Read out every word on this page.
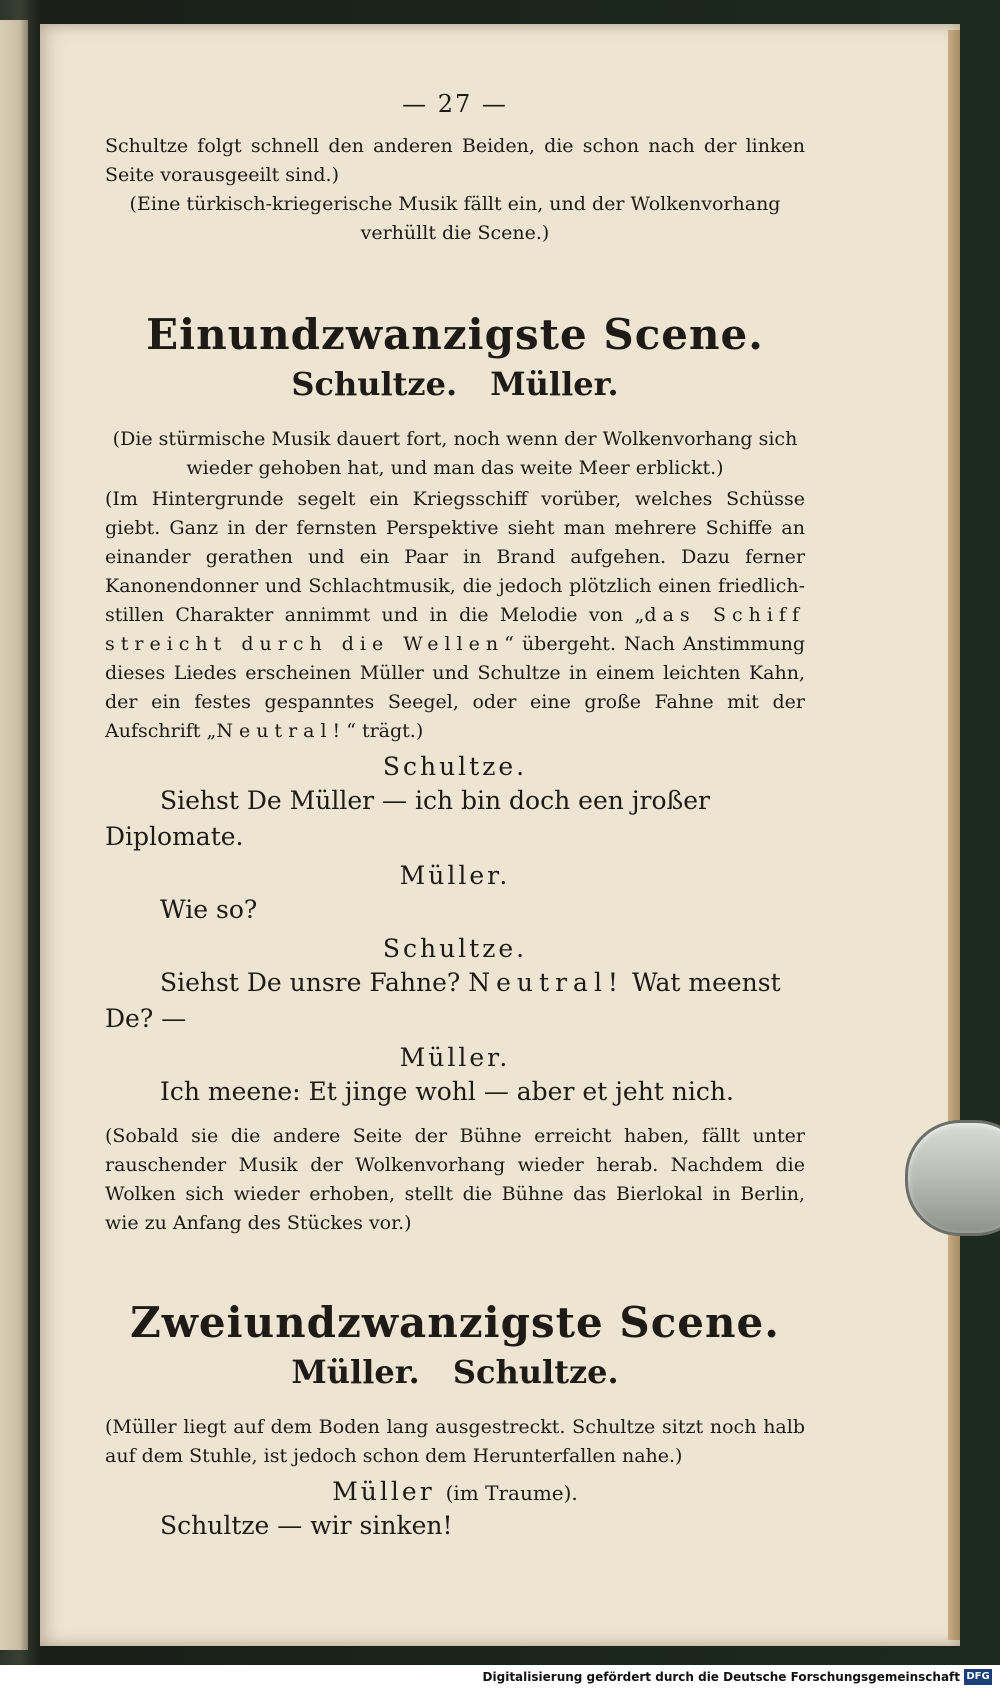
— 27 —

Schultze folgt schnell den anderen Beiden, die schon nach der linken Seite vorausgeeilt sind.)

(Eine türkisch-kriegerische Musik fällt ein, und der Wolkenvorhang verhüllt die Scene.)

Einundzwanzigste Scene.
Schultze. Müller.

(Die stürmische Musik dauert fort, noch wenn der Wolkenvorhang sich wieder gehoben hat, und man das weite Meer erblickt.)

(Im Hintergrunde segelt ein Kriegsschiff vorüber, welches Schüsse giebt. Ganz in der fernsten Perspektive sieht man mehrere Schiffe an einander gerathen und ein Paar in Brand aufgehen. Dazu ferner Kanonendonner und Schlachtmusik, die jedoch plötzlich einen friedlich-stillen Charakter annimmt und in die Melodie von „das Schiff streicht durch die Wellen“ übergeht. Nach Anstimmung dieses Liedes erscheinen Müller und Schultze in einem leichten Kahn, der ein festes gespanntes Seegel, oder eine große Fahne mit der Aufschrift „Neutral!“ trägt.)

Schultze.

Siehst De Müller — ich bin doch een jroßer Diplomate.

Müller.

Wie so?

Schultze.

Siehst De unsre Fahne? Neutral! Wat meenst De? —

Müller.

Ich meene: Et jinge wohl — aber et jeht nich.

(Sobald sie die andere Seite der Bühne erreicht haben, fällt unter rauschender Musik der Wolkenvorhang wieder herab. Nachdem die Wolken sich wieder erhoben, stellt die Bühne das Bierlokal in Berlin, wie zu Anfang des Stückes vor.)

Zweiundzwanzigste Scene.
Müller. Schultze.

(Müller liegt auf dem Boden lang ausgestreckt. Schultze sitzt noch halb auf dem Stuhle, ist jedoch schon dem Herunterfallen nahe.)

Müller (im Traume).

Schultze — wir sinken!

Digitalisierung gefördert durch die Deutsche Forschungsgemeinschaft DFG
